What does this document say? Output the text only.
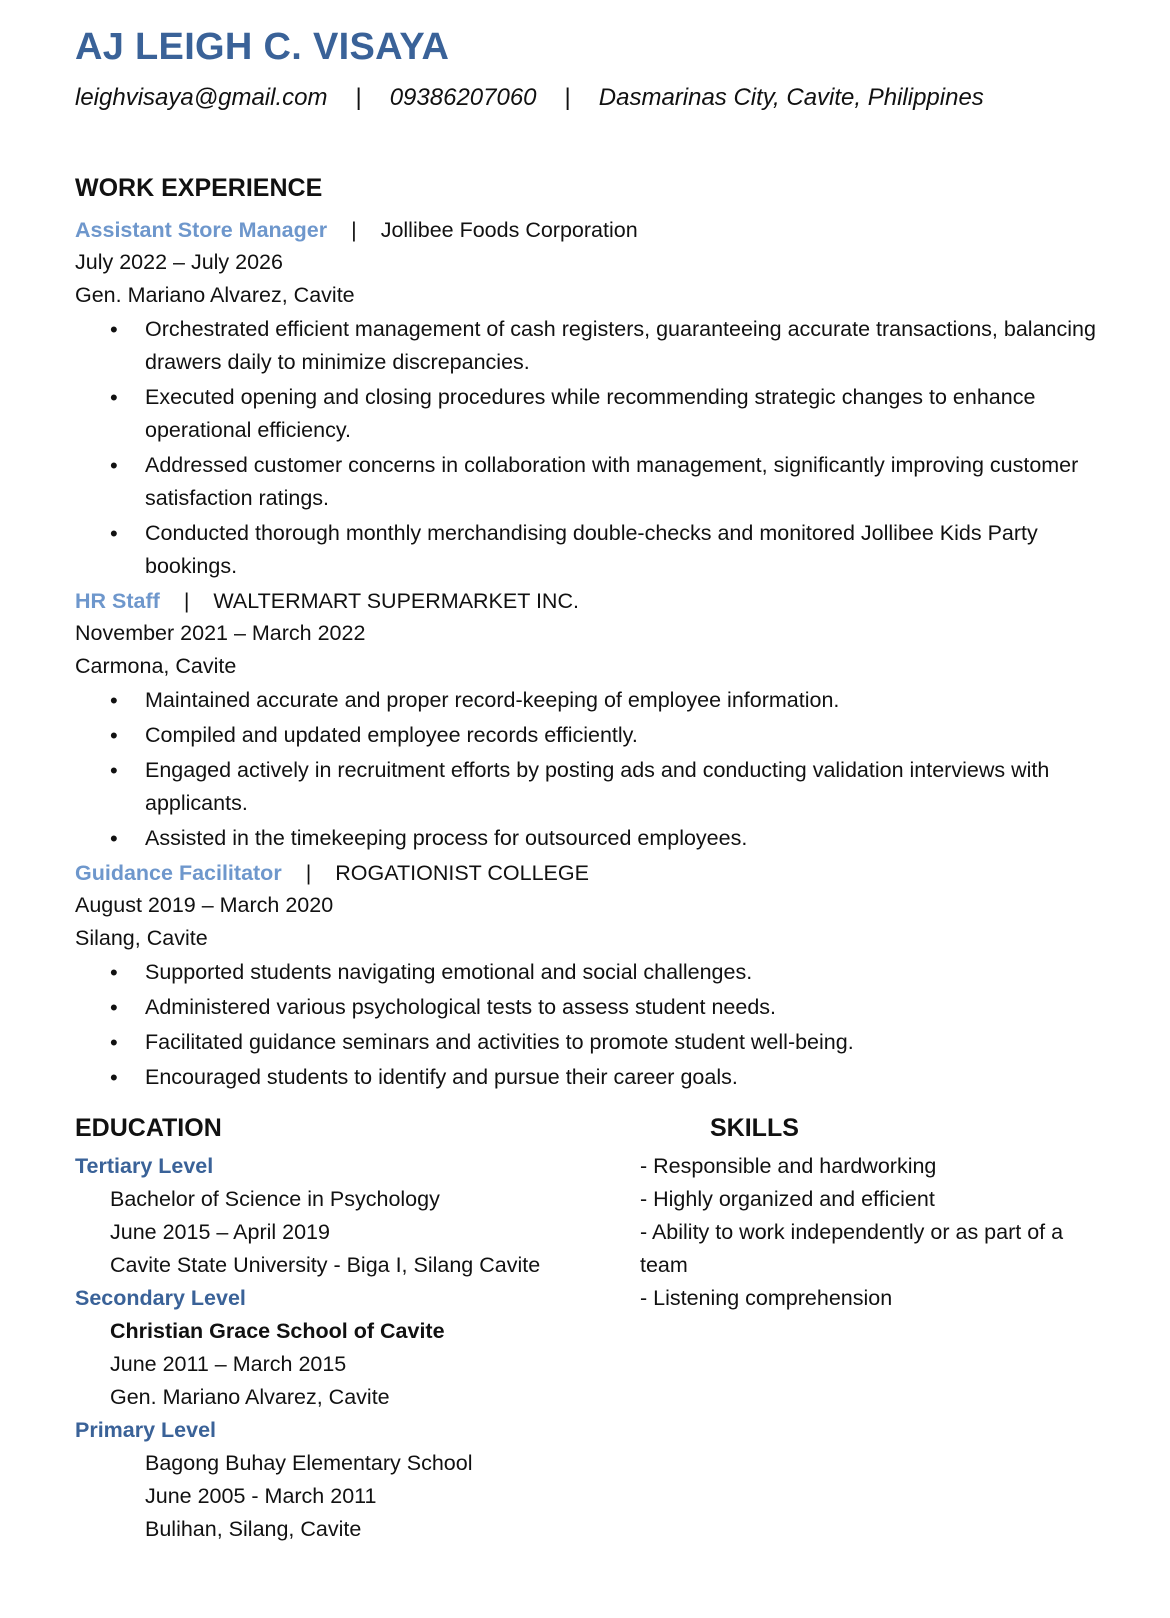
AJ LEIGH C. VISAYA
leighvisaya@gmail.com | 09386207060 | Dasmarinas City, Cavite, Philippines
WORK EXPERIENCE
Assistant Store Manager | Jollibee Foods Corporation
July 2022 – July 2026
Gen. Mariano Alvarez, Cavite
• Orchestrated efficient management of cash registers, guaranteeing accurate transactions, balancing drawers daily to minimize discrepancies.
• Executed opening and closing procedures while recommending strategic changes to enhance operational efficiency.
• Addressed customer concerns in collaboration with management, significantly improving customer satisfaction ratings.
• Conducted thorough monthly merchandising double-checks and monitored Jollibee Kids Party bookings.
HR Staff | WALTERMART SUPERMARKET INC.
November 2021 – March 2022
Carmona, Cavite
• Maintained accurate and proper record-keeping of employee information.
• Compiled and updated employee records efficiently.
• Engaged actively in recruitment efforts by posting ads and conducting validation interviews with applicants.
• Assisted in the timekeeping process for outsourced employees.
Guidance Facilitator | ROGATIONIST COLLEGE
August 2019 – March 2020
Silang, Cavite
• Supported students navigating emotional and social challenges.
• Administered various psychological tests to assess student needs.
• Facilitated guidance seminars and activities to promote student well-being.
• Encouraged students to identify and pursue their career goals.
EDUCATION
Tertiary Level
Bachelor of Science in Psychology
June 2015 – April 2019
Cavite State University - Biga I, Silang Cavite
Secondary Level
Christian Grace School of Cavite
June 2011 – March 2015
Gen. Mariano Alvarez, Cavite
Primary Level
Bagong Buhay Elementary School
June 2005 - March 2011
Bulihan, Silang, Cavite
SKILLS
- Responsible and hardworking
- Highly organized and efficient
- Ability to work independently or as part of a team
- Listening comprehension
